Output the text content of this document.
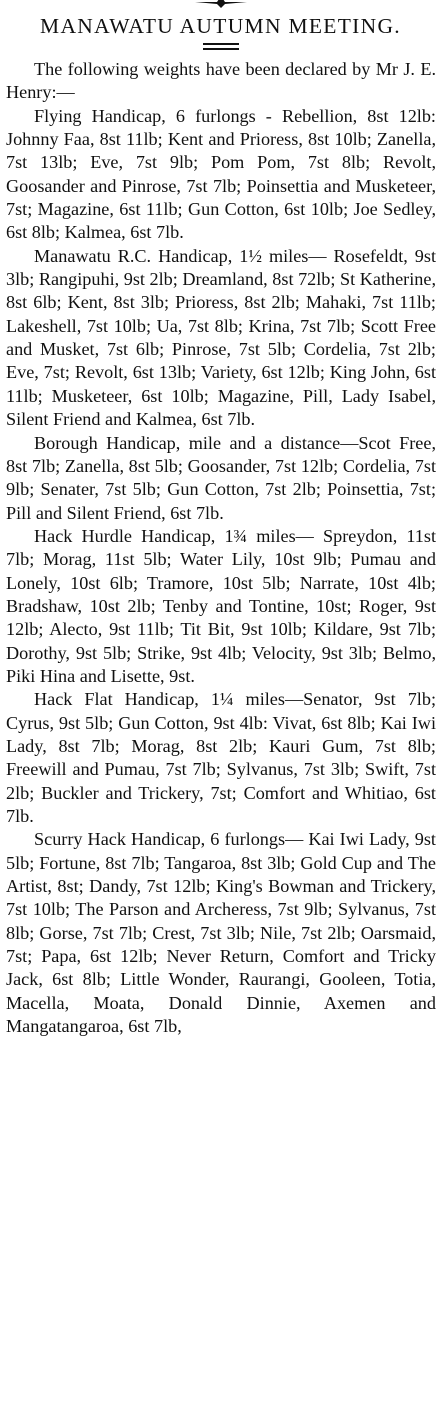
MANAWATU AUTUMN MEETING.

The following weights have been declared by Mr J. E. Henry:—

Flying Handicap, 6 furlongs - Rebellion, 8st 12lb: Johnny Faa, 8st 11lb; Kent and Prioress, 8st 10lb; Zanella, 7st 13lb; Eve, 7st 9lb; Pom Pom, 7st 8lb; Revolt, Goosander and Pinrose, 7st 7lb; Poinsettia and Musketeer, 7st; Magazine, 6st 11lb; Gun Cotton, 6st 10lb; Joe Sedley, 6st 8lb; Kalmea, 6st 7lb.

Manawatu R.C. Handicap, 1½ miles— Rosefeldt, 9st 3lb; Rangipuhi, 9st 2lb; Dreamland, 8st 72lb; St Katherine, 8st 6lb; Kent, 8st 3lb; Prioress, 8st 2lb; Mahaki, 7st 11lb; Lakeshell, 7st 10lb; Ua, 7st 8lb; Krina, 7st 7lb; Scott Free and Musket, 7st 6lb; Pinrose, 7st 5lb; Cordelia, 7st 2lb; Eve, 7st; Revolt, 6st 13lb; Variety, 6st 12lb; King John, 6st 11lb; Musketeer, 6st 10lb; Magazine, Pill, Lady Isabel, Silent Friend and Kalmea, 6st 7lb.

Borough Handicap, mile and a distance—Scot Free, 8st 7lb; Zanella, 8st 5lb; Goosander, 7st 12lb; Cordelia, 7st 9lb; Senater, 7st 5lb; Gun Cotton, 7st 2lb; Poinsettia, 7st; Pill and Silent Friend, 6st 7lb.

Hack Hurdle Handicap, 1¾ miles— Spreydon, 11st 7lb; Morag, 11st 5lb; Water Lily, 10st 9lb; Pumau and Lonely, 10st 6lb; Tramore, 10st 5lb; Narrate, 10st 4lb; Bradshaw, 10st 2lb; Tenby and Tontine, 10st; Roger, 9st 12lb; Alecto, 9st 11lb; Tit Bit, 9st 10lb; Kildare, 9st 7lb; Dorothy, 9st 5lb; Strike, 9st 4lb; Velocity, 9st 3lb; Belmo, Piki Hina and Lisette, 9st.

Hack Flat Handicap, 1¼ miles—Senator, 9st 7lb; Cyrus, 9st 5lb; Gun Cotton, 9st 4lb: Vivat, 6st 8lb; Kai Iwi Lady, 8st 7lb; Morag, 8st 2lb; Kauri Gum, 7st 8lb; Freewill and Pumau, 7st 7lb; Sylvanus, 7st 3lb; Swift, 7st 2lb; Buckler and Trickery, 7st; Comfort and Whitiao, 6st 7lb.

Scurry Hack Handicap, 6 furlongs— Kai Iwi Lady, 9st 5lb; Fortune, 8st 7lb; Tangaroa, 8st 3lb; Gold Cup and The Artist, 8st; Dandy, 7st 12lb; King's Bowman and Trickery, 7st 10lb; The Parson and Archeress, 7st 9lb; Sylvanus, 7st 8lb; Gorse, 7st 7lb; Crest, 7st 3lb; Nile, 7st 2lb; Oarsmaid, 7st; Papa, 6st 12lb; Never Return, Comfort and Tricky Jack, 6st 8lb; Little Wonder, Raurangi, Gooleen, Totia, Macella, Moata, Donald Dinnie, Axemen and Mangatangaroa, 6st 7lb,
